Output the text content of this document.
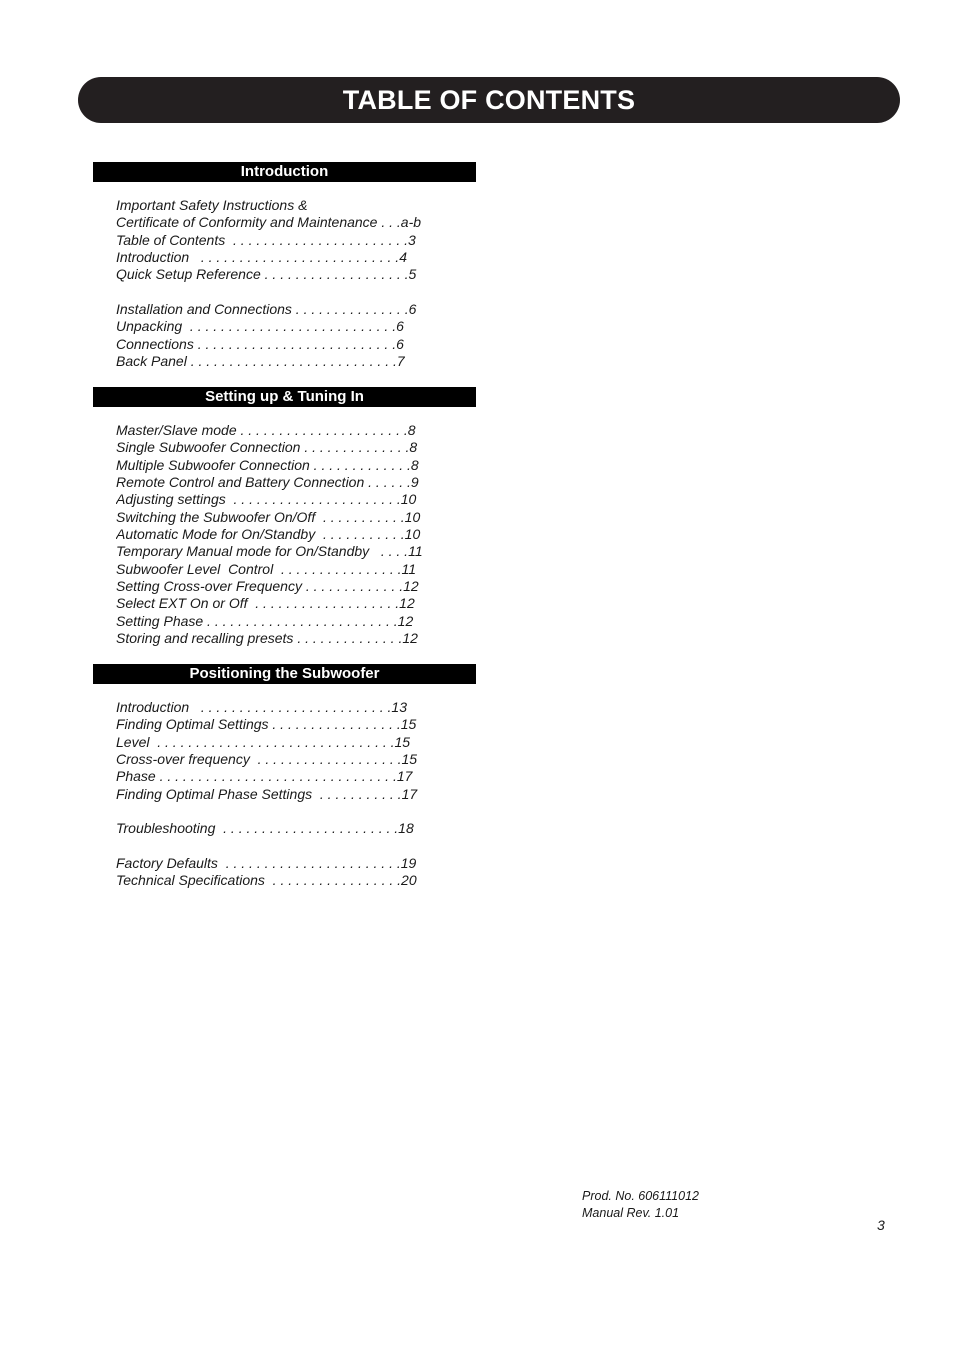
TABLE OF CONTENTS
Introduction
Important Safety Instructions &
Certificate of Conformity and Maintenance . . .a-b
Table of Contents  . . . . . . . . . . . . . . . . . . . . . . .3
Introduction   . . . . . . . . . . . . . . . . . . . . . . . . . .4
Quick Setup Reference . . . . . . . . . . . . . . . . . . .5
Installation and Connections . . . . . . . . . . . . . . .6
Unpacking  . . . . . . . . . . . . . . . . . . . . . . . . . . .6
Connections . . . . . . . . . . . . . . . . . . . . . . . . . .6
Back Panel . . . . . . . . . . . . . . . . . . . . . . . . . . .7
Setting up & Tuning In
Master/Slave mode . . . . . . . . . . . . . . . . . . . . . .8
Single Subwoofer Connection . . . . . . . . . . . . . .8
Multiple Subwoofer Connection . . . . . . . . . . . . .8
Remote Control and Battery Connection . . . . . .9
Adjusting settings  . . . . . . . . . . . . . . . . . . . . . .10
Switching the Subwoofer On/Off  . . . . . . . . . . .10
Automatic Mode for On/Standby  . . . . . . . . . . .10
Temporary Manual mode for On/Standby   . . . .11
Subwoofer Level  Control  . . . . . . . . . . . . . . . .11
Setting Cross-over Frequency . . . . . . . . . . . . .12
Select EXT On or Off  . . . . . . . . . . . . . . . . . . .12
Setting Phase . . . . . . . . . . . . . . . . . . . . . . . . .12
Storing and recalling presets . . . . . . . . . . . . . .12
Positioning the Subwoofer
Introduction   . . . . . . . . . . . . . . . . . . . . . . . . .13
Finding Optimal Settings . . . . . . . . . . . . . . . . .15
Level  . . . . . . . . . . . . . . . . . . . . . . . . . . . . . . .15
Cross-over frequency  . . . . . . . . . . . . . . . . . . .15
Phase . . . . . . . . . . . . . . . . . . . . . . . . . . . . . . .17
Finding Optimal Phase Settings  . . . . . . . . . . .17
Troubleshooting  . . . . . . . . . . . . . . . . . . . . . . .18
Factory Defaults  . . . . . . . . . . . . . . . . . . . . . . .19
Technical Specifications  . . . . . . . . . . . . . . . . .20
Prod. No. 606111012
Manual Rev. 1.01
3
